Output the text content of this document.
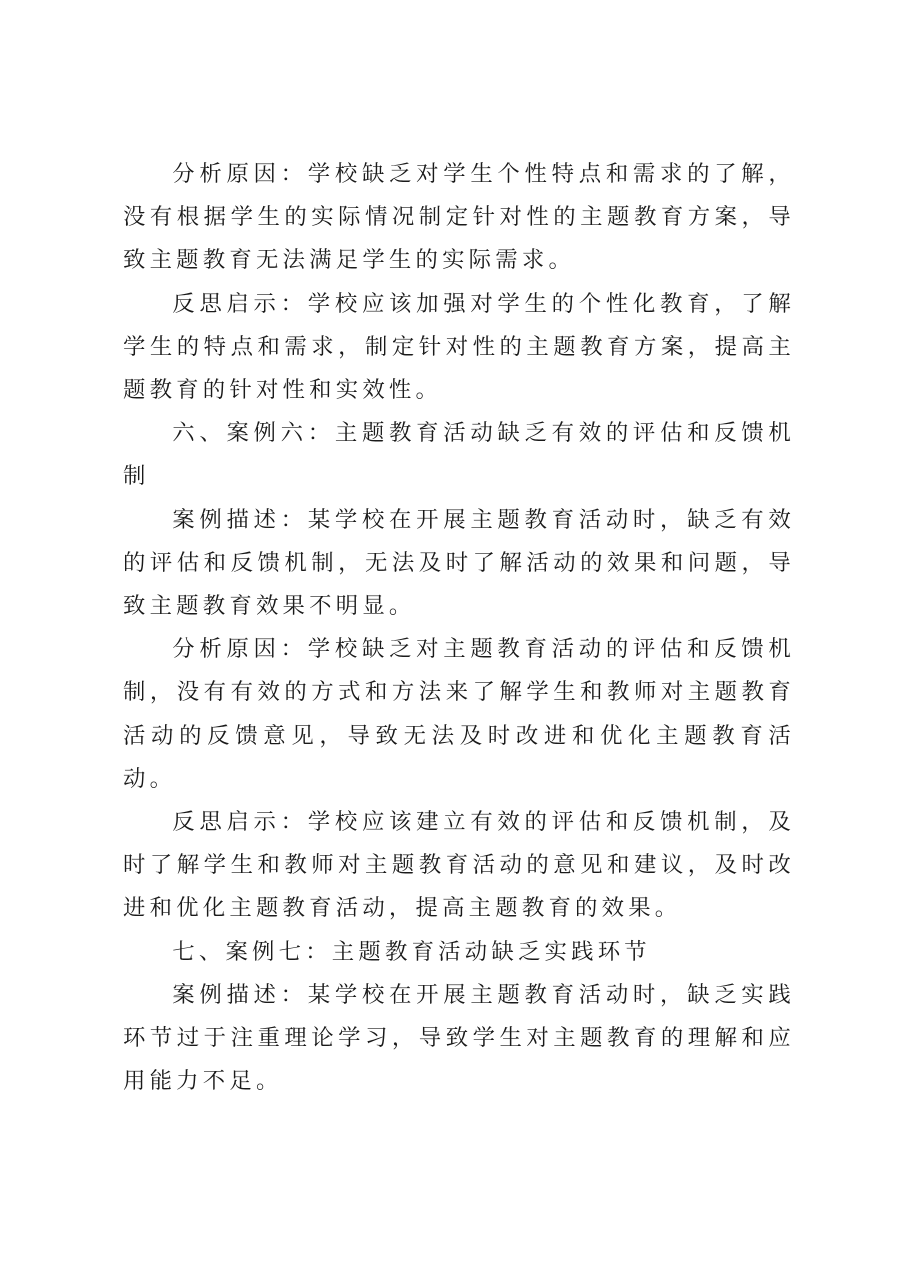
分析原因：学校缺乏对学生个性特点和需求的了解，没有根据学生的实际情况制定针对性的主题教育方案，导致主题教育无法满足学生的实际需求。

反思启示：学校应该加强对学生的个性化教育，了解学生的特点和需求，制定针对性的主题教育方案，提高主题教育的针对性和实效性。

六、案例六：主题教育活动缺乏有效的评估和反馈机制

案例描述：某学校在开展主题教育活动时，缺乏有效的评估和反馈机制，无法及时了解活动的效果和问题，导致主题教育效果不明显。

分析原因：学校缺乏对主题教育活动的评估和反馈机制，没有有效的方式和方法来了解学生和教师对主题教育活动的反馈意见，导致无法及时改进和优化主题教育活动。

反思启示：学校应该建立有效的评估和反馈机制，及时了解学生和教师对主题教育活动的意见和建议，及时改进和优化主题教育活动，提高主题教育的效果。

七、案例七：主题教育活动缺乏实践环节

案例描述：某学校在开展主题教育活动时，缺乏实践环节过于注重理论学习，导致学生对主题教育的理解和应用能力不足。
